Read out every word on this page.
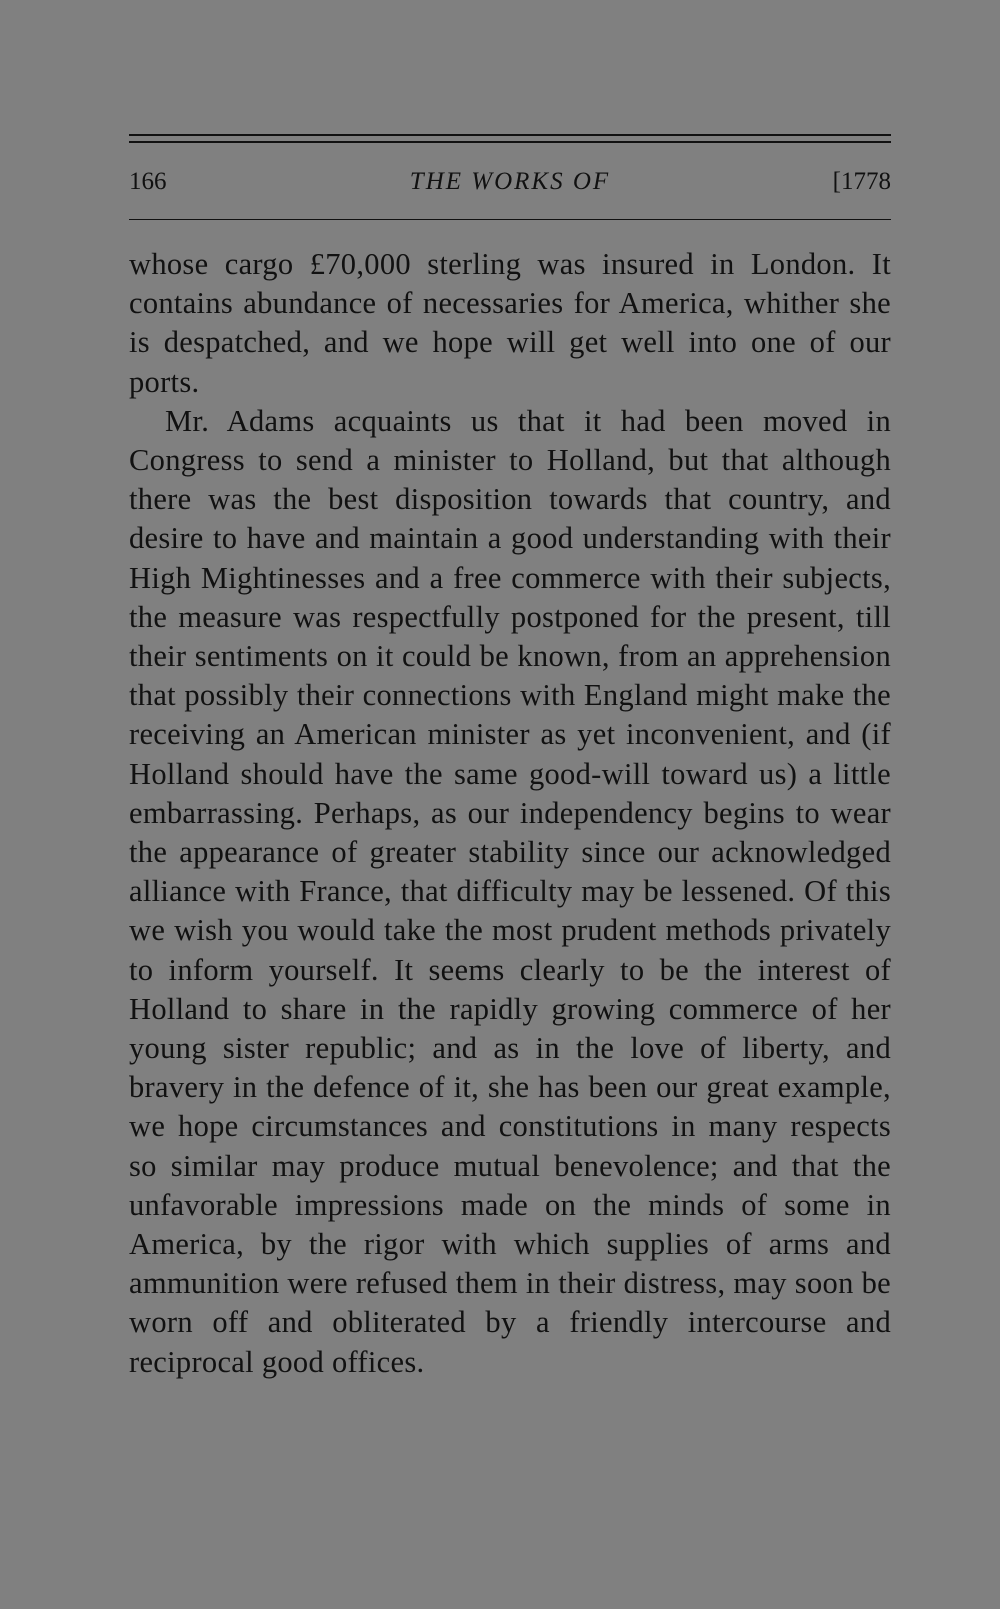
166	THE WORKS OF	[1778

whose cargo £70,000 sterling was insured in London. It contains abundance of necessaries for America, whither she is despatched, and we hope will get well into one of our ports.

Mr. Adams acquaints us that it had been moved in Congress to send a minister to Holland, but that although there was the best disposition towards that country, and desire to have and maintain a good understanding with their High Mightinesses and a free commerce with their subjects, the measure was respectfully postponed for the present, till their sentiments on it could be known, from an apprehension that possibly their connections with England might make the receiving an American minister as yet inconvenient, and (if Holland should have the same good-will toward us) a little embarrassing. Perhaps, as our independency begins to wear the appearance of greater stability since our acknowledged alliance with France, that difficulty may be lessened. Of this we wish you would take the most prudent methods privately to inform yourself. It seems clearly to be the interest of Holland to share in the rapidly growing commerce of her young sister republic; and as in the love of liberty, and bravery in the defence of it, she has been our great example, we hope circumstances and constitutions in many respects so similar may produce mutual benevolence; and that the unfavorable impressions made on the minds of some in America, by the rigor with which supplies of arms and ammunition were refused them in their distress, may soon be worn off and obliterated by a friendly intercourse and reciprocal good offices.
